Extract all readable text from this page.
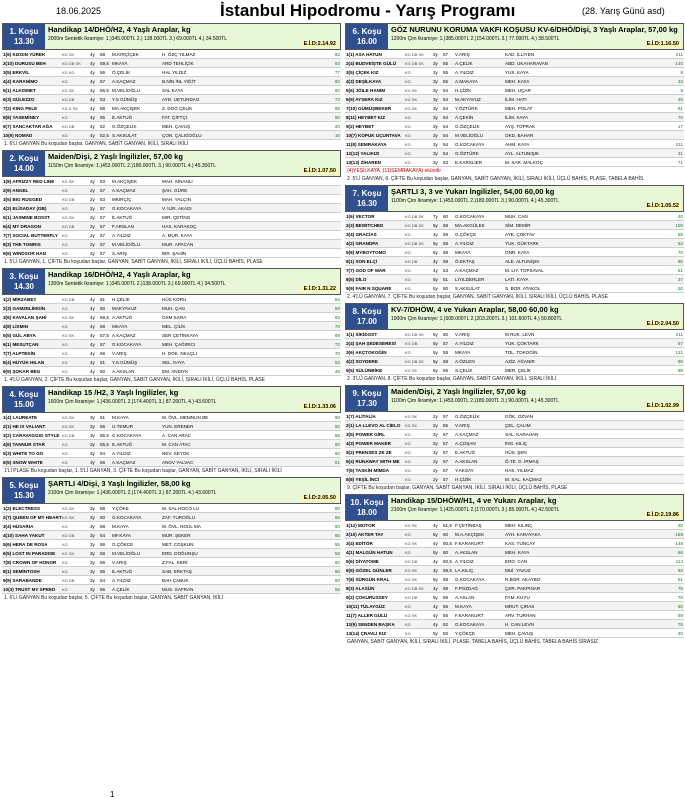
18.06.2025	İstanbul Hipodromu - Yarış Programı	(28. Yarış Günü asd)
1. Koşu
13.30
Handikap 14/DHÖ/H2, 4 Yaşlı Araplar, kg
2000m Sentetik İkramiye: 1.)345.000TL 2.) 138.000TL 3.) 69.000TL 4.) 34.500TL
E.İ.D:2.14.92
1(6) KIZGIN YÜREK	KG SK	4y	58	M.KIRÇİÇEK	H. ÖZÇ YILMAZ	83
2(10) DURUSU BEH	KG DB SK	4y	59,5 MKAYA	ARD TEHLİÇİK	93
3(5) ERKVİL	KG KG	4y	56	Ö.ÇELİK	HAL YILDIZ	77
4(4) KARANİMO	KG	4y	57	A.KAÇMAZ	B.NİN İNL YİĞİT	60
5(1) ALKISMET	KG SK	4y	56,5 M.VELİOĞLU	SAL KAYA	60
6(3) GÜLEZZO	KG DB	4y	53	Y.S GÜMÜŞ	AYD. UETUNDAG	72
7(2) KING PELE	KG K SK	4y	58	MA.AKÇİŞEK	Z. DOĞ ÇELİK	65
8(8) YASEMİNEY	KG	4y	55	E.AKTUĞ	FAT. ÇİFTÇİ	90
9(7) SANCAKTAR AĞA	KG DB	4y	52	G.ÖZÇELİK	MEH. ÇAVUŞ	20
10(9) NOMAD	KG	4y	52,5 S.AKSULAT	ÇON. ÇALIGOĞLU	16
1. 6'LI GANYAN Bu koşudan başlar, GANYAN, SABİT GANYAN, İKİLİ, SIRALI İKİLİ
2. Koşu
14.00
Maiden/Dişi, 2 Yaşlı İngilizler, 57,00 kg
1150m Çim İkramiye: 1.)453.000TL 2.)180.000TL 3.) 90.000TL 4.) 45.300TL
E.İ.D:1.07.50
1(8) AFRIZZY RED LINE	KG SK	2y	53	M.AKÇİŞEK	MAH. SİNANLI
2(9) ANGEL	KG	2y	57	A.KAÇMAZ	ŞAH. GÜRE
3(5) BIG RUGGED	KG DB	2y	53	MKIRÇİÇ	MAH. YALÇIN
4(2) ELİSADAY (GB)	KG	2y	57	G.KOCAKAYA	V. İLİR. AKADI
5(1) JASMINE BOSST	KG SK	2y	57	E.AKTUĞ	MIR. ÇETİNG
6(4) MY DRAGON	KG DB	2y	57	F.ARSLAN	HAS. KARAKOÇ
7(7) SOCIAL BUTTERFLY	KG	2y	57	A.YILDIZ	A. MUR. KAYA
8(3) THE TOMRIS	KG	2y	57	M.VELİOĞLU	MUR. APACAN
9(6) WINDSOR HAN	KG	2y	57	S.ARIŞ	İBR. ŞAHİN
1. 5'Lİ GANYAN, 1. ÇİFTE Bu koşudan başlar, GANYAN, SABİT GANYAN, İKİLİ, SIRALI İKİLİ, ÜÇLÜ BAHİS, PLASE
3. Koşu
14.30
Handikap 16/DHÖ/H2, 4 Yaşlı Araplar, kg
1300m Sentetik İkramiye: 1.)345.000TL 2.)138.000TL 3.) 69.000TL 4.) 34.500TL
E.İ.D:1.31.22
1(2) MİRZABEY	KG DB	4y	61	H.ÇELİK	HÜS KORU	84
2(3) GAMZELİMGİN	KG	4y	60	MAKYAVUZ	MUH. ÇAN	59
3(6) KAVALAN ŞAHİ	KG SK	4y	59,5 A.AKTUĞ	OSM KARA	83
4(8) LİXMIN	KG	4y	58	MKAYA	MEL. ÇİLİK	70
5(5) GÜL ABYA	KG SK	4y	57,5 A.KAÇMAZ	SER ÇETİNKAYA	69
6(1) MESUTÇAN	KG	4y	57	G.KOCAKAYA	MEH. ÇAĞIRICI	72
7(7) ALPTEKİN	KG	4y	56	V.ARIŞ	H. DOK. NKAÇLI	70
8(4) HÜYÜK HILAN	KG	4y	51	Y.S.GÜMÜŞ	SEL. KAYA	53
9(9) ŞOKAR BEG	KG	4y	50	A.AKSLAN	EM. ANDIYK	49
1. 4'LÜ GANYAN, 2. ÇİFTE Bu koşudan başlar, GANYAN, SABİT GANYAN, İKİLİ, SIRALI İKİLİ, ÜÇLÜ BAHİS, PLASE
4. Koşu
15.00
Handikap 15 /H2, 3 Yaşlı İngilizler, kg
1600m Çim İkramiye: 1.)436.000TL 2.)174.400TL 3.) 87.200TL 4.) 43.600TL
E.İ.D:1.33.06
1(4) LAUREATE	KG SK	3y	61	M.KAYA	M. ÖVL. MEMNUN BE	90
2(1) HE IS VALIANT	KG SK	3y	56	U.TEMUR	YUN. ERENER	60
3(2) CARAVAGGIO STYLE KG DB	3y	55,5 G.KOCAKAYA	A. CAN ARAC	65
4(6) TANNUR STAR	KG	3y	55,5 E.AKTUĞ	M. CAN ATAC	60
5(3) WHITE TO GO	KG	3y	54	A.YILDIZ	NEV. SEYOK	60
6(5) SNOW WHITE	KG	3y	56	A.KAÇMAZ	ANOV YALVAC	51
1'Lİ PLASE Bu koşudan başlar, 1. 5'Lİ GANYAN, 3. ÇİFTE Bu koşudan başlar, GANYAN, SABİT GANYAN, İKİLİ, SIRALI İKİLİ
5. Koşu
15.30
ŞARTLI 4/Dişi, 3 Yaşlı İngilizler, 58,00 kg
2100m Çim İkramiye: 1.)436.000TL 2.)174.400TL 3.) 87.200TL 4.) 43.600TL
E.İ.D:2.05.50
1(2) ELECTRESS	KG SK	3y	58	Y.ÇÖKE	M. SAL HOCO LU	80
2(7) QUEEN OF MY HEART KG SK	3y	60	G.KOCAKAYA	ZAF. TUROĞLU	65
3(4) HÜSARIA	KG	3y	58	M.KAYA	M. ÖVL. NOUL MA	80
4(10) SAHA YAKUT	KG DB	3y	54	MF.KAYA	MUR. ŞEKER	65
5(6) HERA DE ROSA	KG	3y	56	G.ÇÖKCE	MET. COŞKUN	55
6(5) LOST IN PARADISE	KG SK	3y	56	M.VELİOĞLU	ERD. DOĞUNŞU	58
7(8) CROWN OF HONOR	KG	3y	56	V.ARIŞ	Z.FAL. KERİ	60
8(1) SEMİNTOSH	KG	3y	56	E.AKTUĞ	SAB. ERKTAŞ	60
9(9) SARABANDE	KG DB	3y	54	A.YILDIZ	BAH ÇABUK	60
10(3) TRUST MY SPEED	KG	3y	56	A.ÇELİK	MUS. SAFRAN	55
1. 6'LI GANYAN Bu koşudan başlar, 5. ÇİFTE Bu koşudan başlar, GANYAN, SABİT GANYAN, İKİLİ
6. Koşu
16.00
GÖZ NURUNU KORUMA VAKFI KOŞUSU KV-6/DHÖ/Dişi, 3 Yaşlı Araplar, 57,00 kg
1200m Çim İkramiye: 1.)385.000TL 2.)154.000TL 3.) 77.000TL 4.) 38.500TL
E.İ.D:1.16.50
1(1) ASA HATUN	KG DB SK	3y	57	V.ARIŞ	KAD. İLLİYEN	211
2(4) BUDVEİŞTE GÜLÜ	KG DB SK	3y	55	A.ÇELİK	ABD. UKAHARAVAN	140
3(5) ÇİÇEK KIZ	KG	3y	55	A.YILDIZ	YUS. KAYA	8
4(3) DEŞİLKAYA	KG	3y	55	A.MAKAYA	MEH. KAYA	33
5(6) JÖILE HANIM	KG SK	3y	54	H.ÇİZİK	MEH. UÇAR	8
6(9) AYSERA KIZ	KG SK	3y	54	M.AKYAVUZ	İLİM. HATI	45
7(10) GÜMÜŞBEKER	KG SK	3y	54	Y.ÖZTÜRK	MEH. POLAT	91
8(11) HEYBET KIZ	KG	3y	54	A.ÇEKİN	İLİM. KAYA	70
9(2) HEYBET	KG	3y	54	G.ÖZÇELİK	AYŞ. TOPRAK	17
10(7) KOPUK UÇUNTAVA	KG	3y	54	M.VELİOĞLU	OKD. BAHAR
11(8) SEMRAKAYA	KG	3y	54	G.KOCAKAYA	AHM. KAYA	211
12(12) YALIKIZI	KG	3y	54	G.ÖZTÜRK	AYL. ALTUNIŞIK	31
13(13) ZİHAREN	KG	3y	53	E.KARSLIER	M. SAR. MALKOÇ	71
(4)YEŞİLKAYA. (11)SEMRAKAYA) eküridir
2. 5'Lİ GANYAN, 6. ÇİFTE Bu koşudan başlar, GANYAN, SABİT GANYAN, İKİLİ, SIRALI İKİLİ, ÜÇLÜ BAHİS, PLASE, TABELA BAHİS
7. Koşu
16.30
ŞARTLI 3, 3 ve Yukarı İngilizler, 54,00 60,00 kg
1100m Çim İkramiye: 1.)453.000TL 2.)180.000TL 3.) 90.000TL 4.) 45.300TL
E.İ.D:1.05.52
1(6) VECTOR	KG DB SK	7y	60	G.KOCAKAYA	MUH. CAN	40
2(3) BEWITCHED	KG DB SK	6y	58	MA.AKGÜLEK	SİM. DEMİR	100
3(4) GRACİAS	KG	4y	58	G.ÇÖKÇE	AYE. ÇOKTAV	55
4(2) GRANDPA	KG DB SK	6y	58	A.YILDIZ	YUK. GÜKTARK	53
5(8) MYBOYTOMO	KG	5y	58	MKAYA	ONR. KAYA	70
6(1) SON ELÇİ	KG DB	4y	58	Ö.EKTAŞ	ALE. ALTUNIŞIK	90
7(7) GOD OF WAR	KG	4y	53	A.KAÇMAZ	M. LIY. TOPSAVAL	51
8(5) DİLO	KG	5y	51	LİYILDERLER	LATİ. KAYA	37
9(9) FAIR N SQUARE	KG	5y	50	S.AKSULAT	S. BOR. ATAKOL	20
2. 4'LÜ GANYAN, 7. ÇİFTE Bu koşudan başlar, GANYAN, SABİT GANYAN, İKİLİ, SIRALI İKİLİ, ÜÇLÜ BAHİS, PLASE
8. Koşu
17.00
KV-7/DHÖW, 4 ve Yukarı Araplar, 58,00 60,00 kg
1900m Çim İkramiye: 1.)508.000TL 2.)203.200TL 3.) 101.600TL 4.) 50.800TL
E.İ.D:2.04.50
1(1) SİKİDOST	KG DB SK	5y	60	V.ARIŞ	M RUK. LEVN	211
2(4) ŞAH ŞEDESERESİ	KG DB	5y	57	A.YILDIZ	YUK. ÇOKTARK	67
3(6) AKÇTOKOĞİN	KG	5y	58	MKAYA	TOL. TOKOĞİN	121
4(2) SOYDERE	KG DB SK	6y	58	A.ÖZLEN	AZİZ. AĞANIR	88
5(5) SÜLÜNBİKE	KG SK	6y	56	S.ÇELİK	MER. ÇELİK	99
2. 3'LÜ GANYAN, 8. ÇİFTE Bu koşudan başlar, GANYAN, SABİT GANYAN, İKİLİ, SIRALI İKİLİ
9. Koşu
17.30
Maiden/Dişi, 2 Yaşlı İngilizler, 57,00 kg
1100m Çim İkramiye: 1.)453.000TL 2.)180.000TL 3.) 90.000TL 4.) 45.300TL
E.İ.D:1.02.99
1(7) ALİTALİA	KG SK	2y	57	G.ÖZÇELİK	GÖK. OZVAN
2(1) LA LLEVO AL CİELO	KG SK	2y	55	V.ARIŞ	ÇEL. ÇALIM
3(5) POWER GİRL	KG	2y	57	A.KAÇMAZ	SAL. KARAHAN
4(3) POWER MAKER	KG	2y	57	A.ÇOŞAN	İNG. KILIÇ
5(2) PRENSES ZE ZE	KG	2y	57	E.AKTUĞ	HÜS. ŞEN
6(4) RUNAWAY WITH ME	KG	2y	57	A.AKSLAN	Ö.TE. D. İRMAŞ
7(6) TASKİN MİMDA	KG	2y	57	Y.AKSAY	HAS. YILMAZ
8(8) YEŞİL İNCİ	KG	2y	57	H.ÇİZİK	M. SAL. KAÇMAZ
9. ÇİFTE Bu koşudan başlar, GANYAN, SABİT GANYAN, İKİLİ, SIRALI İKİLİ, ÜÇLÜ BAHİS, PLASE
10. Koşu
18.00
Handikap 15/DHÖW/H1, 4 ve Yukarı Araplar, kg
2100m Çim İkramiye: 1.)425.000TL 2.)170.000TL 3.) 85.000TL 4.) 42.500TL
E.İ.D:2.19.86
1(12) MOTOR	KG SK	4y	61,5 F.ÇETİNBAŞ	MEH. KILINÇ	20
2(10) AKTER TAY	KG	5y	60	M.A.AKÇİŞEK	AYH. KARAYAKA	168
3(4) EDİTÖR	KG SK	4y	60,5 F.KARAKURT	KAS. TUNCAY	148
4(1) MALGÜN HATUN	KG	5y	60	A.AKSLAN	MEH. KAYA	66
5(6) DİYATOME	KG DB	4y	60,5 A.YILDIZ	ERG. CAN	114
6(5) GÖZEL GÜNLER	KG SK	4y	58,5 LA.KILIÇ	MUİ. YAVUZ	93
7(8) SÜRGÜN KRAL	KG SK	5y	58	G.KOCAKAYA	R.BOR. AKAYBO	51
8(3) ALASÜN	KG DB SK	4y	58	F.POZDAĞ	ÇER. PAKPINAR	75
9(2) ÇOKURUSSEY	KG DB	5y	56	A.ASLAN	FAM. KUYU	78
10(11) TÜLAYGÜZ	KG	4y	56	M.KAYA	MRUT. ÇIRAS	60
11(7) ALLER GÜLÜ	KG SK	4y	55	F.KARAKURT	ARV. TURHAN	59
12(9) SENDEN BAŞKA	KG	4y	52	G.KOCAKAYA	H. CAN LEVN	78
13(14) ÇRAVLI KIZ	KG	5y	50	Y.ÇÖKÇE	MEH. ÇAVUŞ	40
GANYAN, SABİT GANYAN, İKİLİ, SIRALI İKİLİ, PLASE, TABELA BAHİS, ÜÇLÜ BAHİS, TABELA BAHİS SİRASIZ
1
